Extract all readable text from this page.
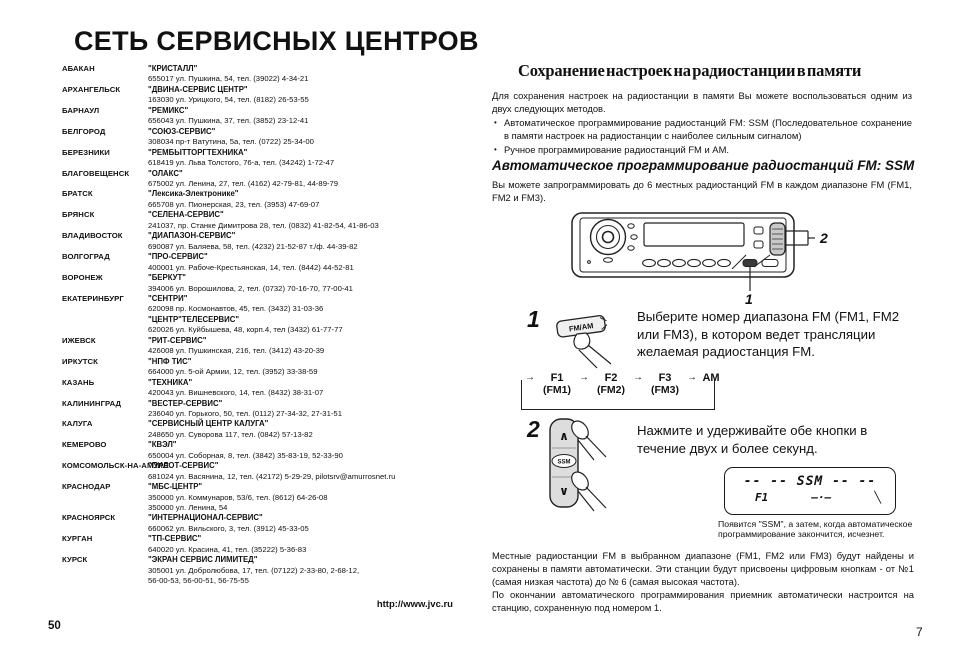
СЕТЬ СЕРВИСНЫХ ЦЕНТРОВ
АБАКАН	"КРИСТАЛЛ"
655017 ул. Пушкина, 54, тел. (39022) 4-34-21
АРХАНГЕЛЬСК	"ДВИНА-СЕРВИС ЦЕНТР"
163030 ул. Урицкого, 54, тел. (8182) 26-53-55
БАРНАУЛ	"РЕМИКС"
656043 ул. Пушкина, 37, тел. (3852) 23-12-41
БЕЛГОРОД	"СОЮЗ-СЕРВИС"
308034 пр-т Ватутина, 5а, тел. (0722) 25-34-00
БЕРЕЗНИКИ	"РЕМБЫТТОРГТЕХНИКА"
618419 ул. Льва Толстого, 76-а, тел. (34242) 1-72-47
БЛАГОВЕЩЕНСК	"ОЛАКС"
675002 ул. Ленина, 27, тел. (4162) 42-79-81, 44-89-79
БРАТСК	"Лексика-Электронике"
665708 ул. Пионерская, 23, тел. (3953) 47-69-07
БРЯНСК	"СЕЛЕНА-СЕРВИС"
241037, пр. Станке Димитрова 28, тел. (0832) 41-82-54, 41-86-03
ВЛАДИВОСТОК	"ДИАПАЗОН-СЕРВИС"
690087 ул. Баляева, 58, тел. (4232) 21-52-87 т./ф. 44-39-82
ВОЛГОГРАД	"ПРО-СЕРВИС"
400001 ул. Рабоче-Крестьянская, 14, тел. (8442) 44-52-81
ВОРОНЕЖ	"БЕРКУТ"
394006 ул. Ворошилова, 2, тел. (0732) 70-16-70, 77-00-41
ЕКАТЕРИНБУРГ	"СЕНТРИ"
620098 пр. Космонавтов, 45, тел. (3432) 31-03-36
"ЦЕНТР"ТЕЛЕСЕРВИС"
620026 ул. Куйбышева, 48, корп.4, тел (3432) 61-77-77
ИЖЕВСК	"РИТ-СЕРВИС"
426008 ул. Пушкинская, 216, тел. (3412) 43-20-39
ИРКУТСК	"НПФ ТИС"
664000 ул. 5-ой Армии, 12, тел. (3952) 33-38-59
КАЗАНЬ	"ТЕХНИКА"
420043 ул. Вишневского, 14, тел. (8432) 38-31-07
КАЛИНИНГРАД	"ВЕСТЕР-СЕРВИС"
236040 ул. Горького, 50, тел. (0112) 27-34-32, 27-31-51
КАЛУГА	"СЕРВИСНЫЙ ЦЕНТР КАЛУГА"
248650 ул. Суворова 117, тел. (0842) 57-13-82
КЕМЕРОВО	"КВЭЛ"
650004 ул. Соборная, 8, тел. (3842) 35-83-19, 52-33-90
КОМСОМОЛЬСК-НА-АМУРЕ
"ПИЛОТ-СЕРВИС"
681024 ул. Васянина, 12, тел. (42172) 5-29-29, pilotsrv@amurrosnet.ru
КРАСНОДАР	"МБС-ЦЕНТР"
350000 ул. Коммунаров, 53/6, тел. (8612) 64-26-08
350000 ул. Ленина, 54
КРАСНОЯРСК	"ИНТЕРНАЦИОНАЛ-СЕРВИС"
660062 ул. Вильского, 3, тел. (3912) 45-33-05
КУРГАН	"ТП-СЕРВИС"
640020 ул. Красина, 41, тел. (35222) 5-36-83
КУРСК	"ЭКРАН СЕРВИС ЛИМИТЕД"
305001 ул. Добролюбова, 17, тел. (07122) 2-33-80, 2-68-12,
56-00-53, 56-00-51, 56-75-55
http://www.jvc.ru
50
Сохранение настроек на радиостанции в памяти

Для сохранения настроек на радиостанции в памяти Вы можете воспользоваться одним из двух следующих методов.

• Автоматическое программирование радиостанций FM: SSM (Последовательное сохранение в памяти настроек на радиостанции с наиболее сильным сигналом)
• Ручное программирование радиостанций FM и AM.
Автоматическое программирование радиостанций FM: SSM
Вы можете запрограммировать до 6 местных радиостанций FM в каждом диапазоне FM (FM1, FM2 и FM3).
2
1
1	FM/AM
Выберите номер диапазона FM (FM1, FM2 или FM3), в котором ведет трансляции желаемая радиостанция FM.
→ F1
(FM1)
→ F2
(FM2)
→ F3
(FM3)
→ AM
2 ∧
SSM
∨
Нажмите и удерживайте обе кнопки в течение двух и более секунд.
-- -- SSM -- --
F1	—·—	╲
Появится "SSM", а затем, когда автоматическое программирование закончится, исчезнет.

Местные радиостанции FM в выбранном диапазоне (FM1, FM2 или FM3) будут найдены и сохранены в памяти автоматически. Эти станции будут присвоены цифровым кнопкам - от №1 (самая низкая частота) до № 6 (самая высокая частота).

По окончании автоматического программирования приемник автоматически настроится на станцию, сохраненную под номером 1.

7
